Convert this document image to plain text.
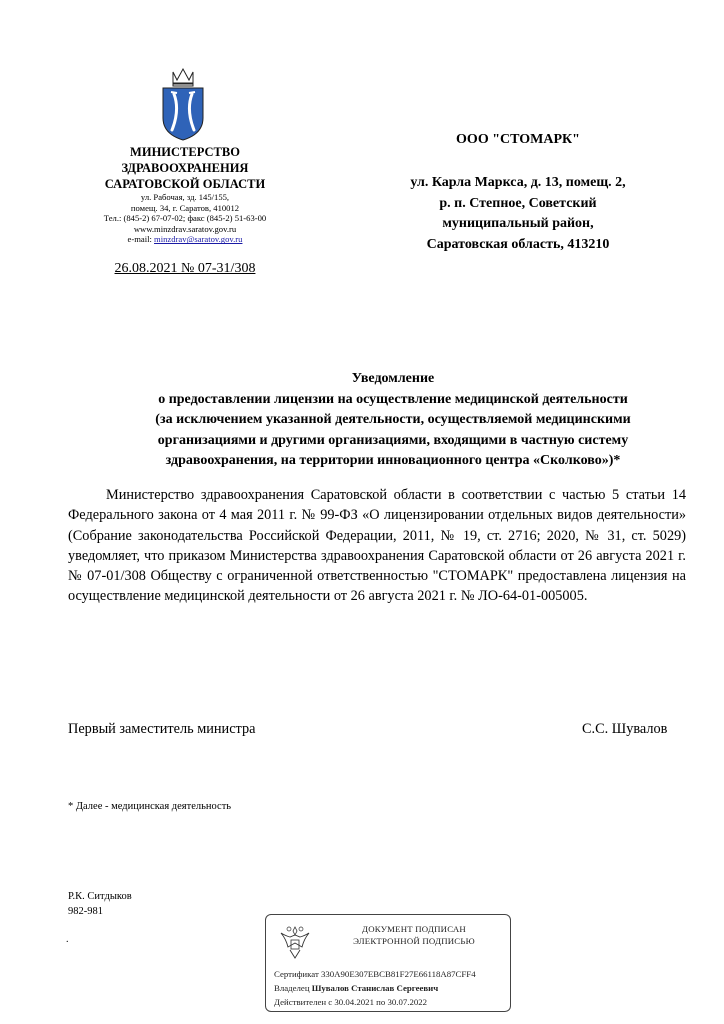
МИНИСТЕРСТВО
ЗДРАВООХРАНЕНИЯ
САРАТОВСКОЙ ОБЛАСТИ
ул. Рабочая, зд. 145/155,
помещ. 34, г. Саратов, 410012
Тел.: (845-2) 67-07-02; факс (845-2) 51-63-00
www.minzdrav.saratov.gov.ru
e-mail: minzdrav@saratov.gov.ru
26.08.2021 № 07-31/308
ООО "СТОМАРК"
ул. Карла Маркса, д. 13, помещ. 2,
р. п. Степное, Советский
муниципальный район,
Саратовская область, 413210
Уведомление
о предоставлении лицензии на осуществление медицинской деятельности
(за исключением указанной деятельности, осуществляемой медицинскими
организациями и другими организациями, входящими в частную систему
здравоохранения, на территории инновационного центра «Сколково»)*
Министерство здравоохранения Саратовской области в соответствии с частью 5 статьи 14 Федерального закона от 4 мая 2011 г. № 99-ФЗ «О лицензировании отдельных видов деятельности» (Собрание законодательства Российской Федерации, 2011, № 19, ст. 2716; 2020, № 31, ст. 5029) уведомляет, что приказом Министерства здравоохранения Саратовской области от 26 августа 2021 г. № 07-01/308 Обществу с ограниченной ответственностью "СТОМАРК" предоставлена лицензия на осуществление медицинской деятельности от 26 августа 2021 г. № ЛО-64-01-005005.
Первый заместитель министра	С.С. Шувалов
* Далее - медицинская деятельность
Р.К. Ситдыков
982-981
.
ДОКУМЕНТ ПОДПИСАН
ЭЛЕКТРОННОЙ ПОДПИСЬЮ
Сертификат 330A90E307EBCB81F27E66118A87CFF4
Владелец Шувалов Станислав Сергеевич
Действителен с 30.04.2021 по 30.07.2022
